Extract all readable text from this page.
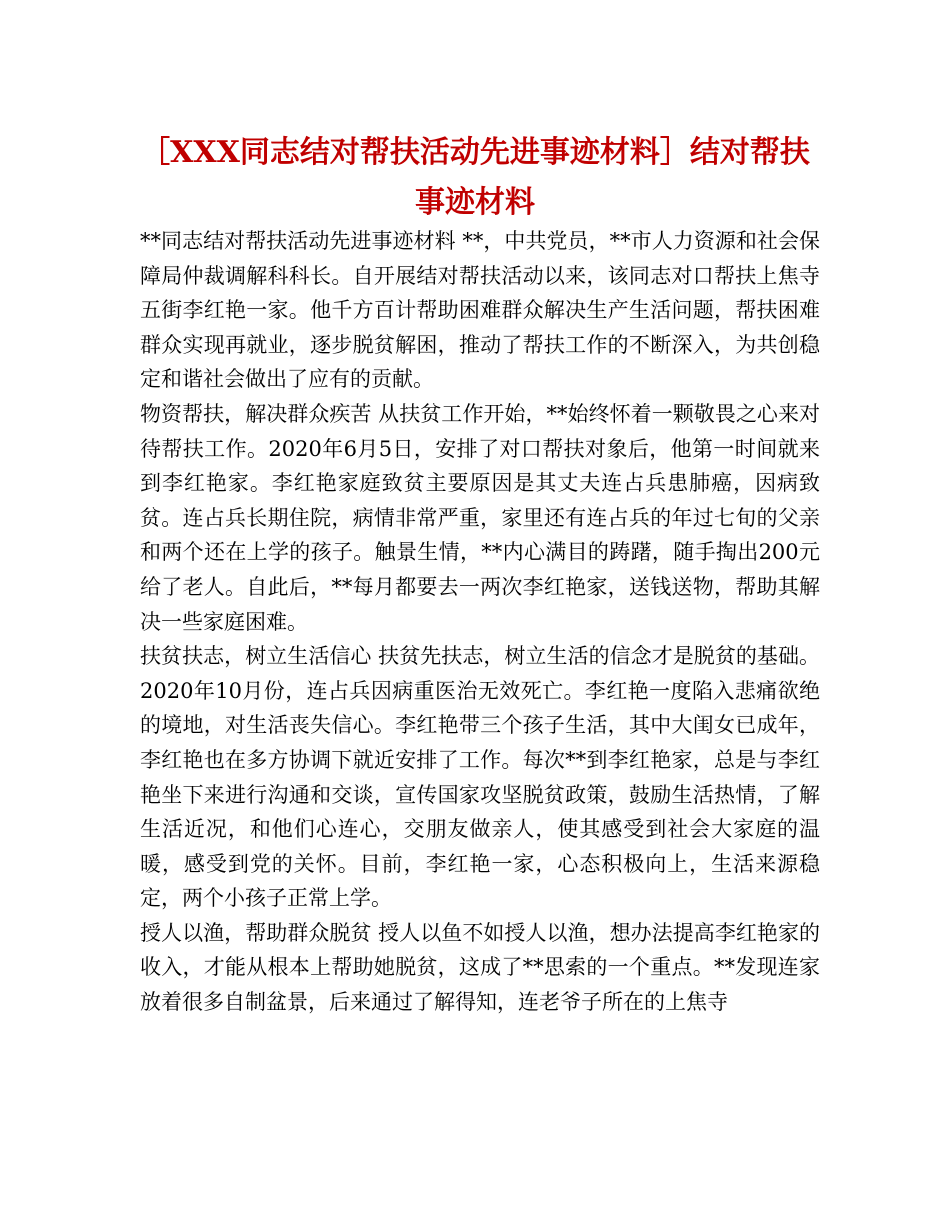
［XXX同志结对帮扶活动先进事迹材料］结对帮扶事迹材料

**同志结对帮扶活动先进事迹材料 **，中共党员，**市人力资源和社会保障局仲裁调解科科长。自开展结对帮扶活动以来，该同志对口帮扶上焦寺五街李红艳一家。他千方百计帮助困难群众解决生产生活问题，帮扶困难群众实现再就业，逐步脱贫解困，推动了帮扶工作的不断深入，为共创稳定和谐社会做出了应有的贡献。

物资帮扶，解决群众疾苦 从扶贫工作开始，**始终怀着一颗敬畏之心来对待帮扶工作。2020年6月5日，安排了对口帮扶对象后，他第一时间就来到李红艳家。李红艳家庭致贫主要原因是其丈夫连占兵患肺癌，因病致贫。连占兵长期住院，病情非常严重，家里还有连占兵的年过七旬的父亲和两个还在上学的孩子。触景生情，**内心满目的踌躇，随手掏出200元给了老人。自此后，**每月都要去一两次李红艳家，送钱送物，帮助其解决一些家庭困难。

扶贫扶志，树立生活信心 扶贫先扶志，树立生活的信念才是脱贫的基础。2020年10月份，连占兵因病重医治无效死亡。李红艳一度陷入悲痛欲绝的境地，对生活丧失信心。李红艳带三个孩子生活，其中大闺女已成年，李红艳也在多方协调下就近安排了工作。每次**到李红艳家，总是与李红艳坐下来进行沟通和交谈，宣传国家攻坚脱贫政策，鼓励生活热情，了解生活近况，和他们心连心，交朋友做亲人，使其感受到社会大家庭的温暖，感受到党的关怀。目前，李红艳一家，心态积极向上，生活来源稳定，两个小孩子正常上学。

授人以渔，帮助群众脱贫 授人以鱼不如授人以渔，想办法提高李红艳家的收入，才能从根本上帮助她脱贫，这成了**思索的一个重点。**发现连家放着很多自制盆景，后来通过了解得知，连老爷子所在的上焦寺
